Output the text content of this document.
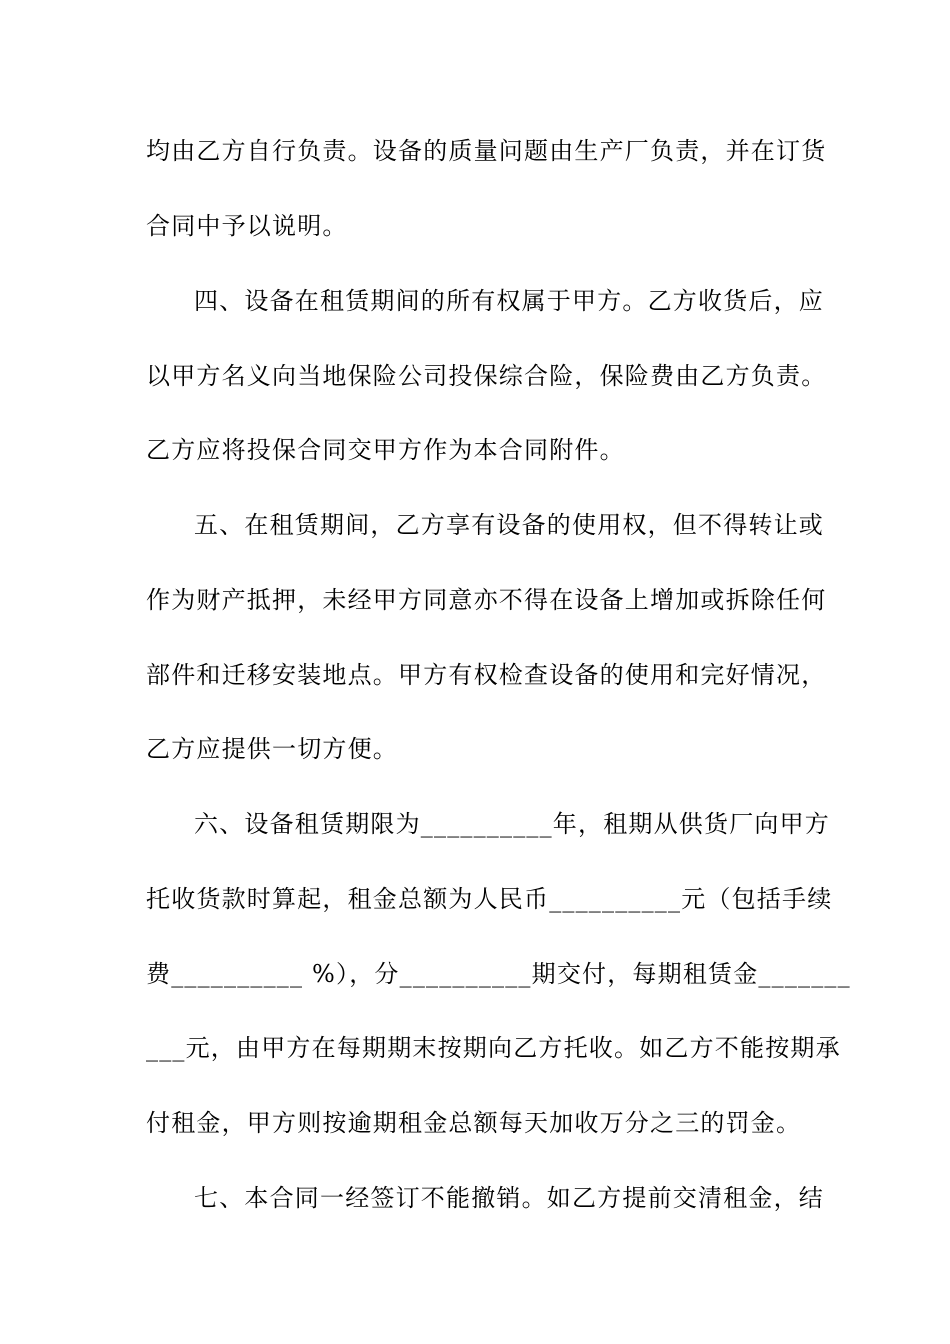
均由乙方自行负责。设备的质量问题由生产厂负责，并在订货
合同中予以说明。
四、设备在租赁期间的所有权属于甲方。乙方收货后，应
以甲方名义向当地保险公司投保综合险，保险费由乙方负责。
乙方应将投保合同交甲方作为本合同附件。
五、在租赁期间，乙方享有设备的使用权，但不得转让或
作为财产抵押，未经甲方同意亦不得在设备上增加或拆除任何
部件和迁移安装地点。甲方有权检查设备的使用和完好情况，
乙方应提供一切方便。
六、设备租赁期限为__________年，租期从供货厂向甲方
托收货款时算起，租金总额为人民币__________元（包括手续
费__________ %），分__________期交付，每期租赁金_______
___元，由甲方在每期期末按期向乙方托收。如乙方不能按期承
付租金，甲方则按逾期租金总额每天加收万分之三的罚金。
七、本合同一经签订不能撤销。如乙方提前交清租金，结
